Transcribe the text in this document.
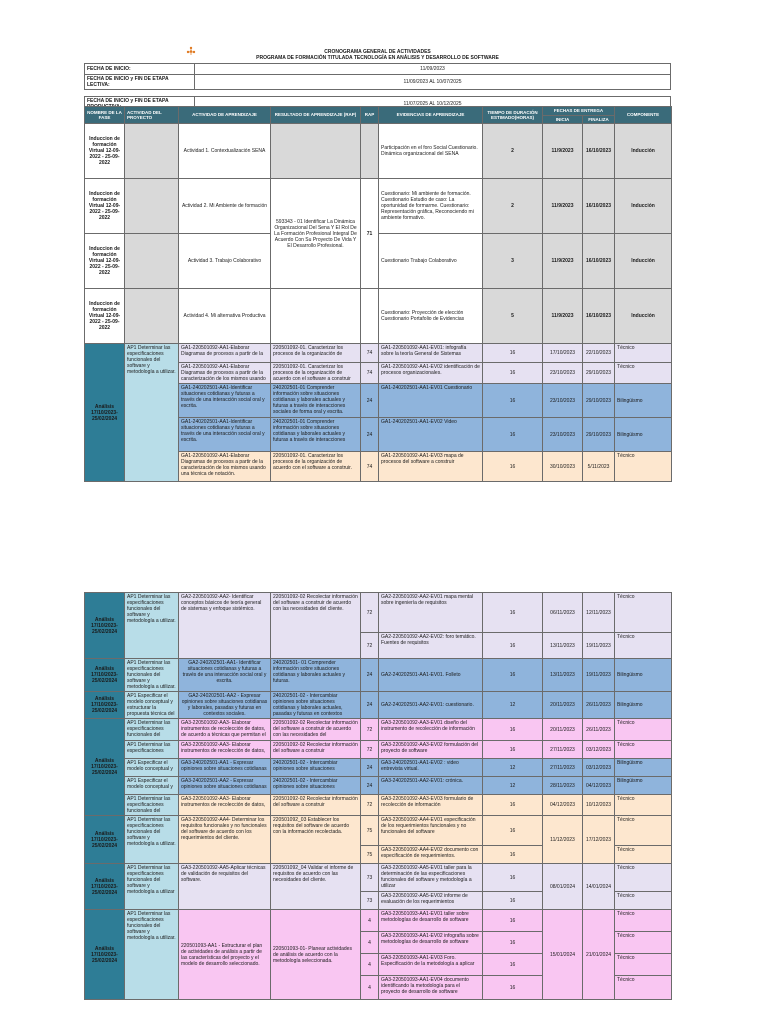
CRONOGRAMA GENERAL DE ACTIVIDADES
PROGRAMA DE FORMACIÓN TITULADA TECNOLOGÍA EN ANÁLISIS Y DESARROLLO DE SOFTWARE
FECHA DE INICIO:	11/09/2023
FECHA DE INICIO y FIN DE ETAPA LECTIVA:	11/09/2023 AL 10/07/2025

FECHA DE INICIO y FIN DE ETAPA	11/07/2025 AL 10/12/2025
NOMBRE DE LA FASE	ACTIVIDAD DEL PROYECTO	ACTIVIDAD DE APRENDIZAJE	RESULTADO DE APRENDIZAJE (RAP)	RAP	EVIDENCIAS DE APRENDIZAJE	TIEMPO DE DURACIÓN ESTIMADO(HORAS)	FECHAS DE ENTREGA		COMPONENTE
							INICIA	FINALIZA	
Induccion de formación Virtual 12-09-2022 - 25-09-2022		Actividad 1. Contextualización SENA			Participación en el foro Social Cuestionario. Dinámica organizacional del SENA	2	11/9/2023	16/10/2023	Inducción
Induccion de formación Virtual 12-09-2022 - 25-09-2022		Actividad 2. Mi Ambiente de formación	593343 - 01 Identificar La Dinámica Organizacional Del Sena Y El Rol De La Formación Profesional Integral De Acuerdo Con Su Proyecto De Vida Y El Desarrollo Profesional.	71	Cuestionario: Mi ambiente de formación. Cuestionario Estudio de caso: La oportunidad de formarme. Cuestionario: Representación gráfica, Reconociendo mi ambiente formativo.	2	11/9/2023	16/10/2023	Inducción
Induccion de formación Virtual 12-09-2022 - 25-09-2022		Actividad 3. Trabajo Colaborativo			Cuestionario Trabajo Colaborativo	3	11/9/2023	16/10/2023	Inducción
Induccion de formación Virtual 12-09-2022 - 25-09-2022		Actividad 4. Mi alternativa Productiva			Cuestionario: Proyección de elección Cuestionario Portafolio de Evidencias	5	11/9/2023	16/10/2023	Inducción
Análisis 17/10/2023-25/02/2024	AP1 Determinar las especificaciones funcionales del software y metodología a utilizar.	GA1-220501092-AA1-Elaborar Diagramas de procesos a partir de la	220501092-01. Caracterizar los procesos de la organización de	74	GA1-220501092-AA1-EV01: infografía sobre la teoría General de Sistemas	16	17/10/2023	22/10/2023	Técnico
		GA1-220501092-AA1-Elaborar Diagramas de procesos a partir de la caracterización de los mismos usando	220501092-01. Caracterizar los procesos de la organización de acuerdo con el software a construir	74	GA1-220501092-AA1-EV02 identificación de procesos organizacionales.	16	23/10/2023	29/10/2023	Técnico
		GA1-240202501-AA1-Identificar situaciones cotidianas y futuras a través de una interacción social oral y escrita.	240202501-01 Comprender información sobre situaciones cotidianas y laborales actuales y futuras a través de interacciones sociales de forma oral y escrita.	24	GA1-240202501-AA1-EV01 Cuestionario	16	23/10/2023	29/10/2023	Bilingüismo
		GA1-240202501-AA1-Identificar situaciones cotidianas y futuras a través de una interacción social oral y escrita.	240202501-01 Comprender información sobre situaciones cotidianas y laborales actuales y futuras a través de interacciones	24	GA1-240202501-AA1-EV02 Video	16	23/10/2023	29/10/2023	Bilingüismo
		GA1-220501092-AA1-Elaborar Diagramas de procesos a partir de la caracterización de los mismos usando una técnica de notación.	220501092-01. Caracterizar los procesos de la organización de acuerdo con el software a construir.	74	GA1-220501092-AA1-EV03 mapa de procesos del software a construir	16	30/10/2023	5/11/2023	Técnico
Análisis 17/10/2023-25/02/2024	AP1 Determinar las especificaciones funcionales del software y metodología a utilizar.	GA2-220501092-AA2- Identificar conceptos básicos de teoría general de sistemas y enfoque sistémico.	220501092-02 Recolectar información del software a construir de acuerdo con las necesidades del cliente.	72	GA2-220501092-AA2-EV01 mapa mental sobre ingeniería de requisitos	16	06/11/2023	12/11/2023	Técnico
				72	GA2-220501092-AA2-EV02: foro temático. Fuentes de requisitos	16	13/11/2023	19/11/2023	Técnico
Análisis 17/10/2023-25/02/2024	AP1 Determinar las especificaciones funcionales del software y metodología a utilizar.	GA2-240202501-AA1- Identificar situaciones cotidianas y futuras a través de una interacción social oral y escrita.	240202501- 01 Comprender información sobre situaciones cotidianas y laborales actuales y futuras.	24	GA2-240202501-AA1-EV01. Folleto	16	13/11/2023	19/11/2023	Bilingüismo
Análisis 17/10/2023-25/02/2024	AP1 Especificar el modelo conceptual y estructurar la propuesta técnica del	GA2-240202501-AA2 - Expresar opiniones sobre situaciones cotidianas y laborales, pasadas y futuras en contextos sociales.	240202501-02 - Intercambiar opiniones sobre situaciones cotidianas y laborales actuales, pasadas y futuras en contextos	24	GA2-240202501-AA2-EV01: cuestionario.	12	20/11/2023	26/11/2023	Bilingüismo
Análisis 17/10/2023-25/02/2024	AP1 Determinar las especificaciones funcionales del	GA3-220501092-AA3- Elaborar instrumentos de recolección de datos, de acuerdo a técnicas que permitan el	220501092-02 Recolectar información del software a construir de acuerdo con las necesidades del	72	GA3-220501092-AA3-EV01 diseño del instrumento de recolección de información	16	20/11/2023	26/11/2023	Técnico
	AP1 Determinar las especificaciones	GA3-220501092-AA3- Elaborar instrumentos de recolección de datos,	220501092-02 Recolectar información del software a construir	72	GA3-220501092-AA3-EV02 formulación del proyecto de software	16	27/11/2023	03/12/2023	Técnico
	AP1 Especificar el modelo conceptual y	GA3-240202501-AA1 - Expresar opiniones sobre situaciones cotidianas	240202501-02 - Intercambiar opiniones sobre situaciones	24	GA3-240202501-AA1-EV02 : video entrevista virtual.	12	27/11/2023	03/12/2023	Bilingüismo
	AP1 Especificar el modelo conceptual y	GA3-240202501-AA2 - Expresar opiniones sobre situaciones cotidianas	240202501-02 - Intercambiar opiniones sobre situaciones	24	GA3-240202501-AA2-EV01: crónica.	12	28/11/2023	04/12/2023	Bilingüismo
	AP1 Determinar las especificaciones funcionales del	GA3-220501092-AA3- Elaborar instrumentos de recolección de datos,	220501092-02 Recolectar información del software a construir	72	GA3-220501092-AA3-EV03 formulario de recolección de información	16	04/12/2023	10/12/2023	Técnico
Análisis 17/10/2023-25/02/2024	AP1 Determinar las especificaciones funcionales del software y metodología a utilizar.	GA3-220501092-AA4- Determinar los requisitos funcionales y no funcionales del software de acuerdo con los requerimientos del cliente.	220501092_03 Establecer los requisitos del software de acuerdo con la información recolectada.	75	GA3-220501092-AA4-EV01 especificación de los requerimientos funcionales y no funcionales del software	16	11/12/2023	17/12/2023	Técnico
				75	GA3-220501092-AA4-EV02 documento con especificación de requerimientos.	16			Técnico
Análisis 17/10/2023-25/02/2024	AP1 Determinar las especificaciones funcionales del software y metodología a utilizar	GA3-220501092-AA5-Aplicar técnicas de validación de requisitos del software.	220501092_04 Validar el informe de requisitos de acuerdo con las necesidades del cliente.	73	GA3-220501092-AA5-EV01 taller para la determinación de las especificaciones funcionales del software y metodología a utilizar	16	08/01/2024	14/01/2024	Técnico
				73	GA3-220501092-AA5-EV02 informe de evaluación de los requerimientos	16			Técnico
Análisis 17/10/2023-25/02/2024	AP1 Determinar las especificaciones funcionales del software y metodología a utilizar.	220501093-AA1 - Estructurar el plan de actividades de análisis a partir de las características del proyecto y el modelo de desarrollo seleccionado.	220501093-01- Planear actividades de análisis de acuerdo con la metodología seleccionada.	4	GA3-220501093-AA1-EV01 taller sobre metodologías de desarrollo de software	16	15/01/2024	21/01/2024	Técnico
				4	GA3-220501093-AA1-EV02 infografía sobre metodologías de desarrollo de software	16			Técnico
				4	GA3-220501093-AA1-EV03 Foro. Especificación de la metodología a aplicar	16			Técnico
				4	GA3-220501093-AA1-EV04 documento identificando la metodología para el proyecto de desarrollo de software	16			Técnico
